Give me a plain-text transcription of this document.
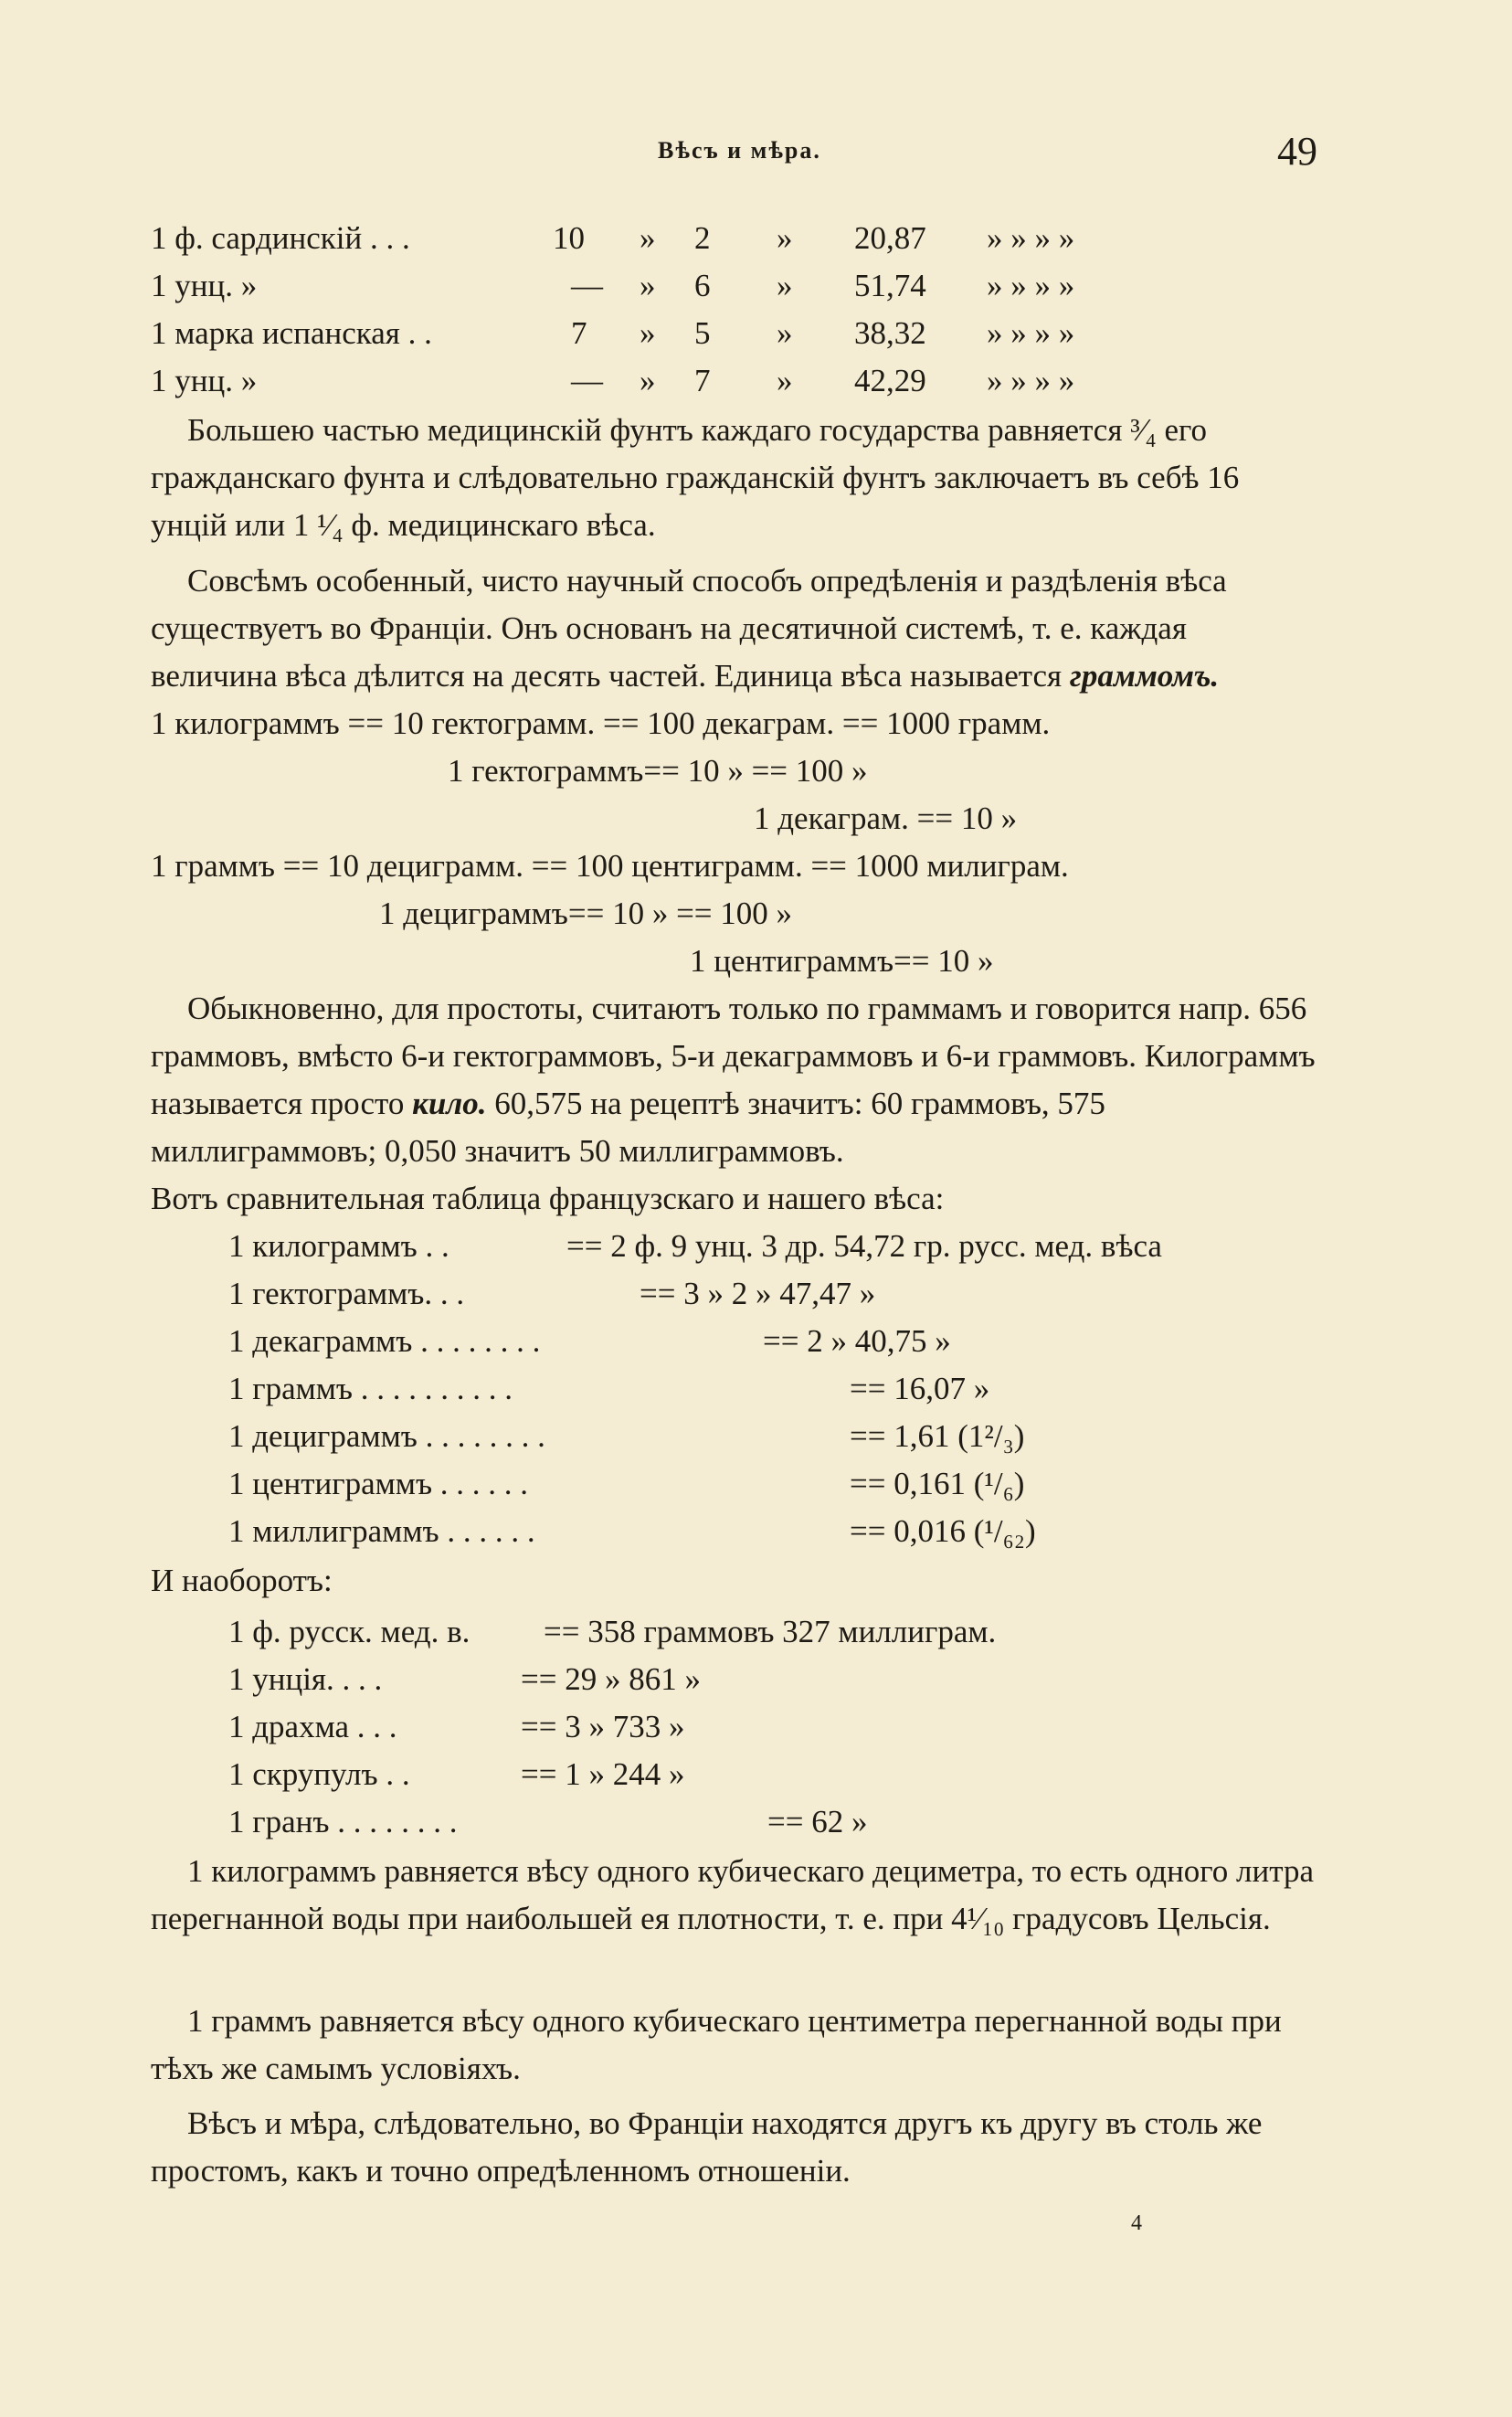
Вѣсъ и мѣра.	49
1 ф. сардинскій . . .	10 » 2 » 20,87 » » » »
1 унц. »	— » 6 » 51,74 » » » »
1 марка испанская . .	7 » 5 » 38,32 » » » »
1 унц. »	— » 7 » 42,29 » » » »
Большею частью медицинскій фунтъ каждаго государства равняется ³⁄₄ его гражданскаго фунта и слѣдовательно гражданскій фунтъ заключаетъ въ себѣ 16 унцій или 1 ¹⁄₄ ф. медицинскаго вѣса.
Совсѣмъ особенный, чисто научный способъ опредѣленія и раздѣленія вѣса существуетъ во Франціи. Онъ основанъ на десятичной системѣ, т. е. каждая величина вѣса дѣлится на десять частей. Единица вѣса называется граммомъ.
1 килограммъ == 10 гектограмм. == 100 декаграм. == 1000 грамм.
1 гектограммъ== 10 » == 100 »
1 декаграм. == 10 »
1 граммъ == 10 дециграмм. == 100 центиграмм. == 1000 милиграм.
1 дециграммъ== 10 » == 100 »
1 центиграммъ== 10 »
Обыкновенно, для простоты, считаютъ только по граммамъ и говорится напр. 656 граммовъ, вмѣсто 6-и гектограммовъ, 5-и декаграммовъ и 6-и граммовъ. Килограммъ называется просто кило. 60,575 на рецептѣ значитъ: 60 граммовъ, 575 миллиграммовъ; 0,050 значитъ 50 миллиграммовъ.
Вотъ сравнительная таблица французскаго и нашего вѣса:
1 килограммъ . .	== 2 ф. 9 унц. 3 др. 54,72 гр. русс. мед. вѣса
1 гектограммъ. . .	== 3 » 2 » 47,47 »
1 декаграммъ . . . . . . . .	== 2 » 40,75 »
1 граммъ . . . . . . . . . .	== 16,07 »
1 дециграммъ . . . . . . . .	== 1,61 (1²/₃)
1 центиграммъ . . . . . .	== 0,161 (¹/₆)
1 миллиграммъ . . . . . .	== 0,016 (¹/₆₂)
И наоборотъ:
1 ф. русск. мед. в. == 358 граммовъ 327 миллиграм.
1 унція. . . .	== 29 » 861 »
1 драхма . . .	== 3 » 733 »
1 скрупулъ . .	== 1 » 244 »
1 гранъ . . . . . . . .	== 62 »
1 килограммъ равняется вѣсу одного кубическаго дециметра, то есть одного литра перегнанной воды при наибольшей ея плотности, т. е. при 4¹⁄₁₀ градусовъ Цельсія.
1 граммъ равняется вѣсу одного кубическаго центиметра перегнанной воды при тѣхъ же самымъ условіяхъ.
Вѣсъ и мѣра, слѣдовательно, во Франціи находятся другъ къ другу въ столь же простомъ, какъ и точно опредѣленномъ отношеніи.
4
